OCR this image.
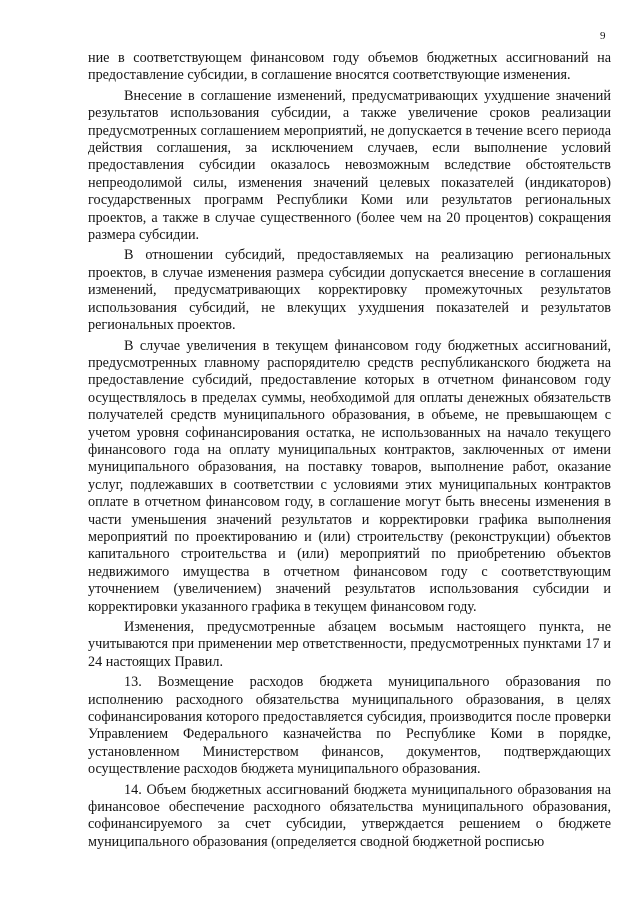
9

ние в соответствующем финансовом году объемов бюджетных ассигнований на предоставление субсидии, в соглашение вносятся соответствующие изменения.

Внесение в соглашение изменений, предусматривающих ухудшение значений результатов использования субсидии, а также увеличение сроков реализации предусмотренных соглашением мероприятий, не допускается в течение всего периода действия соглашения, за исключением случаев, если выполнение условий предоставления субсидии оказалось невозможным вследствие обстоятельств непреодолимой силы, изменения значений целевых показателей (индикаторов) государственных программ Республики Коми или результатов региональных проектов, а также в случае существенного (более чем на 20 процентов) сокращения размера субсидии.

В отношении субсидий, предоставляемых на реализацию региональных проектов, в случае изменения размера субсидии допускается внесение в соглашения изменений, предусматривающих корректировку промежуточных результатов использования субсидий, не влекущих ухудшения показателей и результатов региональных проектов.

В случае увеличения в текущем финансовом году бюджетных ассигнований, предусмотренных главному распорядителю средств республиканского бюджета на предоставление субсидий, предоставление которых в отчетном финансовом году осуществлялось в пределах суммы, необходимой для оплаты денежных обязательств получателей средств муниципального образования, в объеме, не превышающем с учетом уровня софинансирования остатка, не использованных на начало текущего финансового года на оплату муниципальных контрактов, заключенных от имени муниципального образования, на поставку товаров, выполнение работ, оказание услуг, подлежавших в соответствии с условиями этих муниципальных контрактов оплате в отчетном финансовом году, в соглашение могут быть внесены изменения в части уменьшения значений результатов и корректировки графика выполнения мероприятий по проектированию и (или) строительству (реконструкции) объектов капитального строительства и (или) мероприятий по приобретению объектов недвижимого имущества в отчетном финансовом году с соответствующим уточнением (увеличением) значений результатов использования субсидии и корректировки указанного графика в текущем финансовом году.

Изменения, предусмотренные абзацем восьмым настоящего пункта, не учитываются при применении мер ответственности, предусмотренных пунктами 17 и 24 настоящих Правил.

13. Возмещение расходов бюджета муниципального образования по исполнению расходного обязательства муниципального образования, в целях софинансирования которого предоставляется субсидия, производится после проверки Управлением Федерального казначейства по Республике Коми в порядке, установленном Министерством финансов, документов, подтверждающих осуществление расходов бюджета муниципального образования.

14. Объем бюджетных ассигнований бюджета муниципального образования на финансовое обеспечение расходного обязательства муниципального образования, софинансируемого за счет субсидии, утверждается решением о бюджете муниципального образования (определяется сводной бюджетной росписью
